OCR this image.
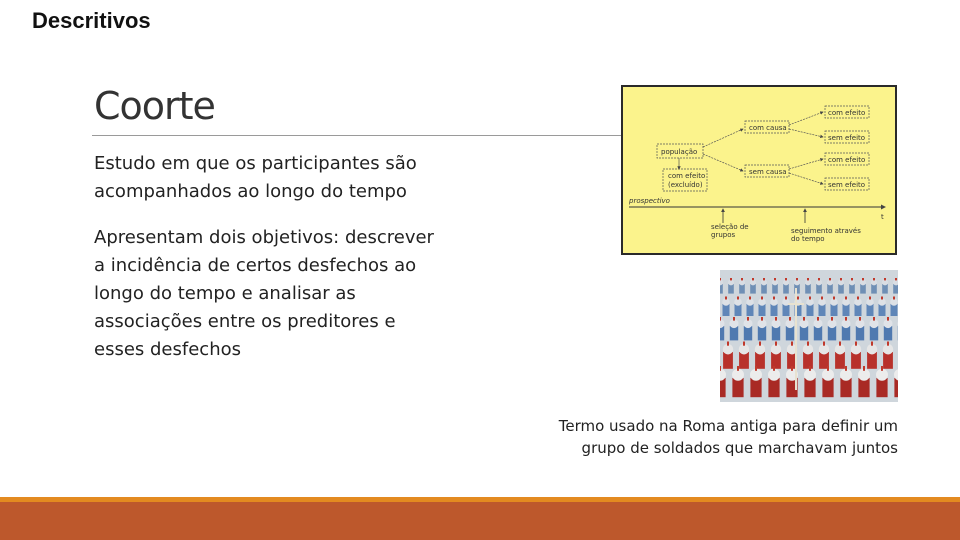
Descritivos
Coorte
Estudo em que os participantes são acompanhados ao longo do tempo
Apresentam dois objetivos: descrever a incidência de certos desfechos ao longo do tempo e analisar as associações entre os preditores e esses desfechos
população
com efeito
(excluído)
com causa
sem causa
com efeito
sem efeito
com efeito
sem efeito
prospectivo
t
seleção de
grupos	seguimento através
do tempo
Termo usado na Roma antiga para definir um
grupo de soldados que marchavam juntos
